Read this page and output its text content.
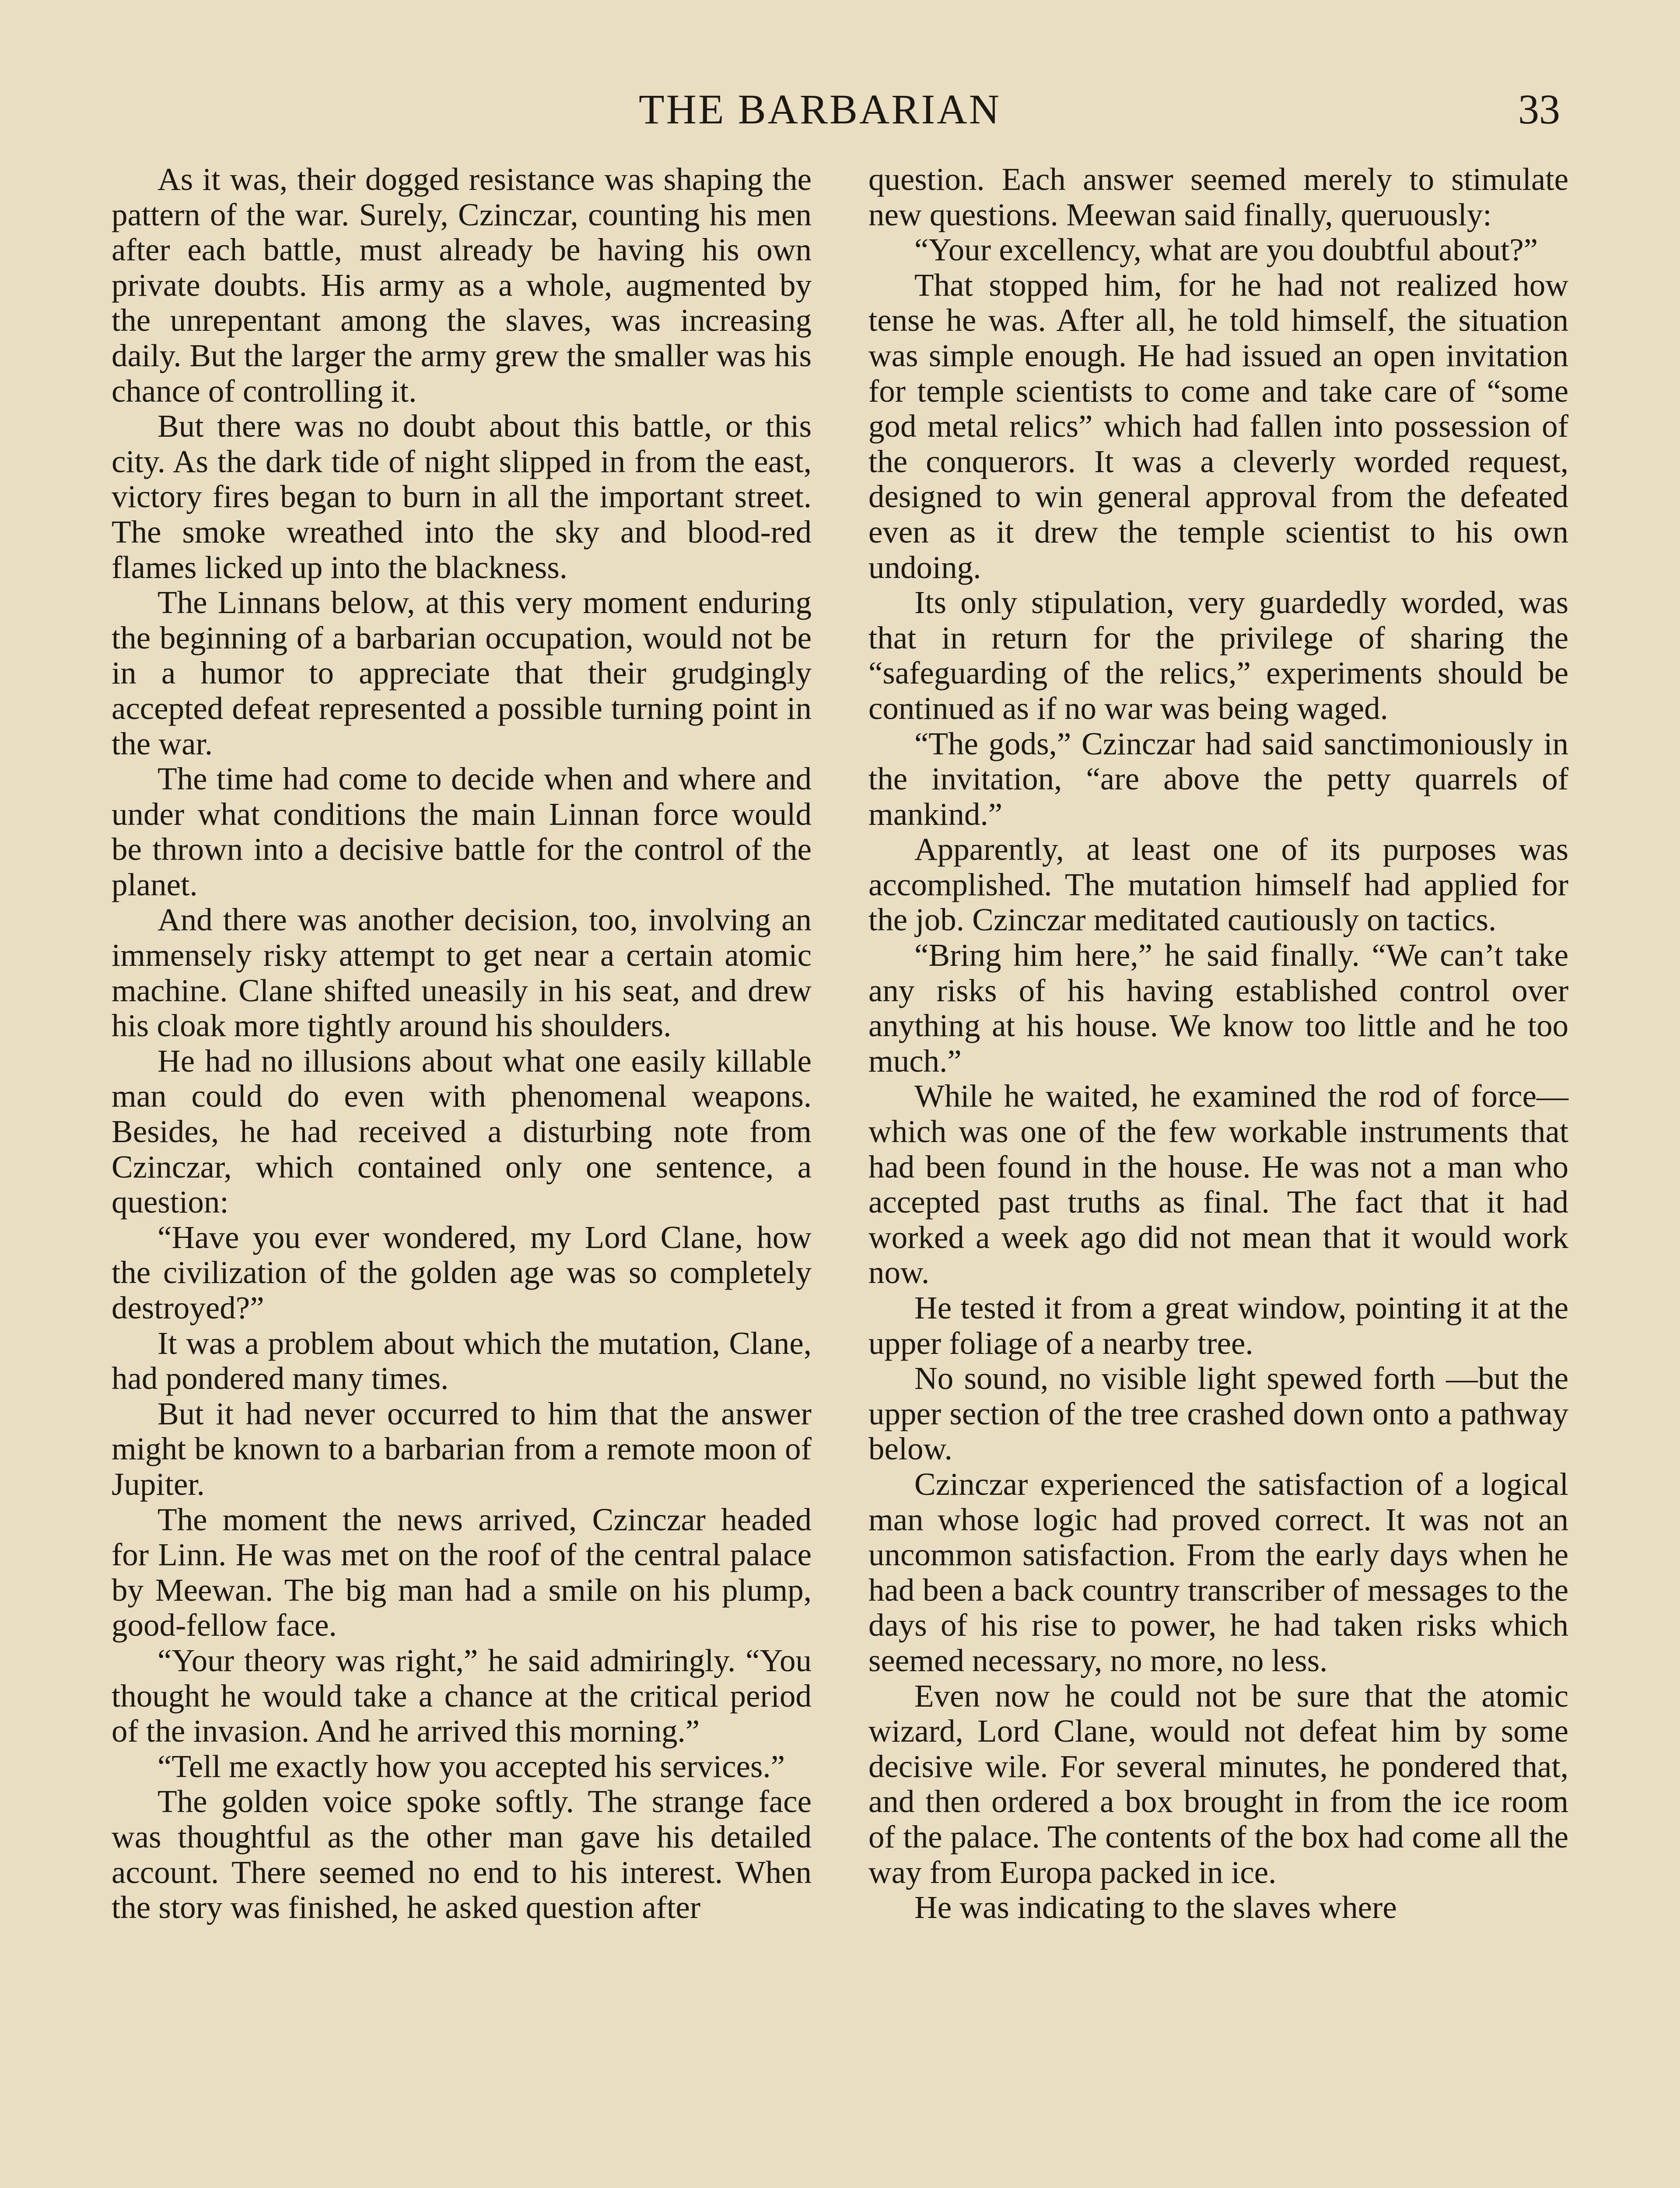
THE BARBARIAN	33

As it was, their dogged resistance was shaping the pattern of the war. Surely, Czinczar, counting his men after each battle, must already be having his own private doubts. His army as a whole, augmented by the unrepentant among the slaves, was increasing daily. But the larger the army grew the smaller was his chance of controlling it.

But there was no doubt about this battle, or this city. As the dark tide of night slipped in from the east, victory fires began to burn in all the important street. The smoke wreathed into the sky and blood-red flames licked up into the blackness.

The Linnans below, at this very moment enduring the beginning of a barbarian occupation, would not be in a humor to appreciate that their grudgingly accepted defeat represented a possible turning point in the war.

The time had come to decide when and where and under what conditions the main Linnan force would be thrown into a decisive battle for the control of the planet.

And there was another decision, too, involving an immensely risky attempt to get near a certain atomic machine. Clane shifted uneasily in his seat, and drew his cloak more tightly around his shoulders.

He had no illusions about what one easily killable man could do even with phenomenal weapons. Besides, he had received a disturbing note from Czinczar, which contained only one sentence, a question:

“Have you ever wondered, my Lord Clane, how the civilization of the golden age was so completely destroyed?”

It was a problem about which the mutation, Clane, had pondered many times.

But it had never occurred to him that the answer might be known to a barbarian from a remote moon of Jupiter.

The moment the news arrived, Czinczar headed for Linn. He was met on the roof of the central palace by Meewan. The big man had a smile on his plump, good-fellow face.

“Your theory was right,” he said admiringly. “You thought he would take a chance at the critical period of the invasion. And he arrived this morning.”

“Tell me exactly how you accepted his services.”

The golden voice spoke softly. The strange face was thoughtful as the other man gave his detailed account. There seemed no end to his interest. When the story was finished, he asked question after

question. Each answer seemed merely to stimulate new questions. Meewan said finally, queruously:

“Your excellency, what are you doubtful about?”

That stopped him, for he had not realized how tense he was. After all, he told himself, the situation was simple enough. He had issued an open invitation for temple scientists to come and take care of “some god metal relics” which had fallen into possession of the conquerors. It was a cleverly worded request, designed to win general approval from the defeated even as it drew the temple scientist to his own undoing.

Its only stipulation, very guardedly worded, was that in return for the privilege of sharing the “safeguarding of the relics,” experiments should be continued as if no war was being waged.

“The gods,” Czinczar had said sanctimoniously in the invitation, “are above the petty quarrels of mankind.”

Apparently, at least one of its purposes was accomplished. The mutation himself had applied for the job. Czinczar meditated cautiously on tactics.

“Bring him here,” he said finally. “We can’t take any risks of his having established control over anything at his house. We know too little and he too much.”

While he waited, he examined the rod of force—which was one of the few workable instruments that had been found in the house. He was not a man who accepted past truths as final. The fact that it had worked a week ago did not mean that it would work now.

He tested it from a great window, pointing it at the upper foliage of a nearby tree.

No sound, no visible light spewed forth —but the upper section of the tree crashed down onto a pathway below.

Czinczar experienced the satisfaction of a logical man whose logic had proved correct. It was not an uncommon satisfaction. From the early days when he had been a back country transcriber of messages to the days of his rise to power, he had taken risks which seemed necessary, no more, no less.

Even now he could not be sure that the atomic wizard, Lord Clane, would not defeat him by some decisive wile. For several minutes, he pondered that, and then ordered a box brought in from the ice room of the palace. The contents of the box had come all the way from Europa packed in ice.

He was indicating to the slaves where
